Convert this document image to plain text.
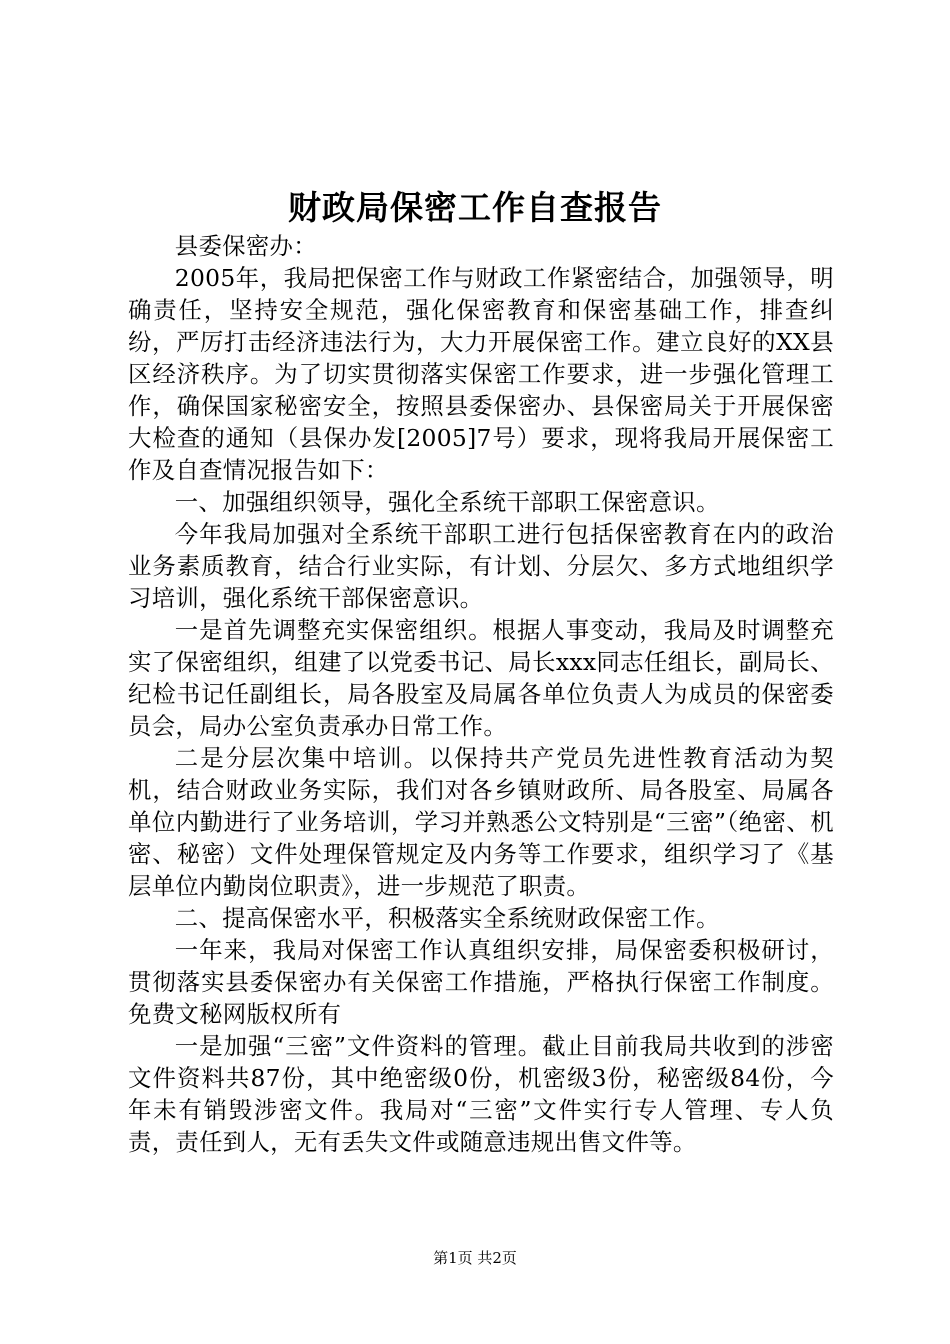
财政局保密工作自查报告

县委保密办：

2005年，我局把保密工作与财政工作紧密结合，加强领导，明确责任，坚持安全规范，强化保密教育和保密基础工作，排查纠纷，严厉打击经济违法行为，大力开展保密工作。建立良好的XX县区经济秩序。为了切实贯彻落实保密工作要求，进一步强化管理工作，确保国家秘密安全，按照县委保密办、县保密局关于开展保密大检查的通知（县保办发[2005]7号）要求，现将我局开展保密工作及自查情况报告如下：

一、加强组织领导，强化全系统干部职工保密意识。

今年我局加强对全系统干部职工进行包括保密教育在内的政治业务素质教育，结合行业实际，有计划、分层欠、多方式地组织学习培训，强化系统干部保密意识。

一是首先调整充实保密组织。根据人事变动，我局及时调整充实了保密组织，组建了以党委书记、局长xxx同志任组长，副局长、纪检书记任副组长，局各股室及局属各单位负责人为成员的保密委员会，局办公室负责承办日常工作。

二是分层次集中培训。以保持共产党员先进性教育活动为契机，结合财政业务实际，我们对各乡镇财政所、局各股室、局属各单位内勤进行了业务培训，学习并熟悉公文特别是“三密”（绝密、机密、秘密）文件处理保管规定及内务等工作要求，组织学习了《基层单位内勤岗位职责》，进一步规范了职责。

二、提高保密水平，积极落实全系统财政保密工作。

一年来，我局对保密工作认真组织安排，局保密委积极研讨，贯彻落实县委保密办有关保密工作措施，严格执行保密工作制度。免费文秘网版权所有

一是加强“三密”文件资料的管理。截止目前我局共收到的涉密文件资料共87份，其中绝密级0份，机密级3份，秘密级84份，今年未有销毁涉密文件。我局对“三密”文件实行专人管理、专人负责，责任到人，无有丢失文件或随意违规出售文件等。

第1页 共2页
